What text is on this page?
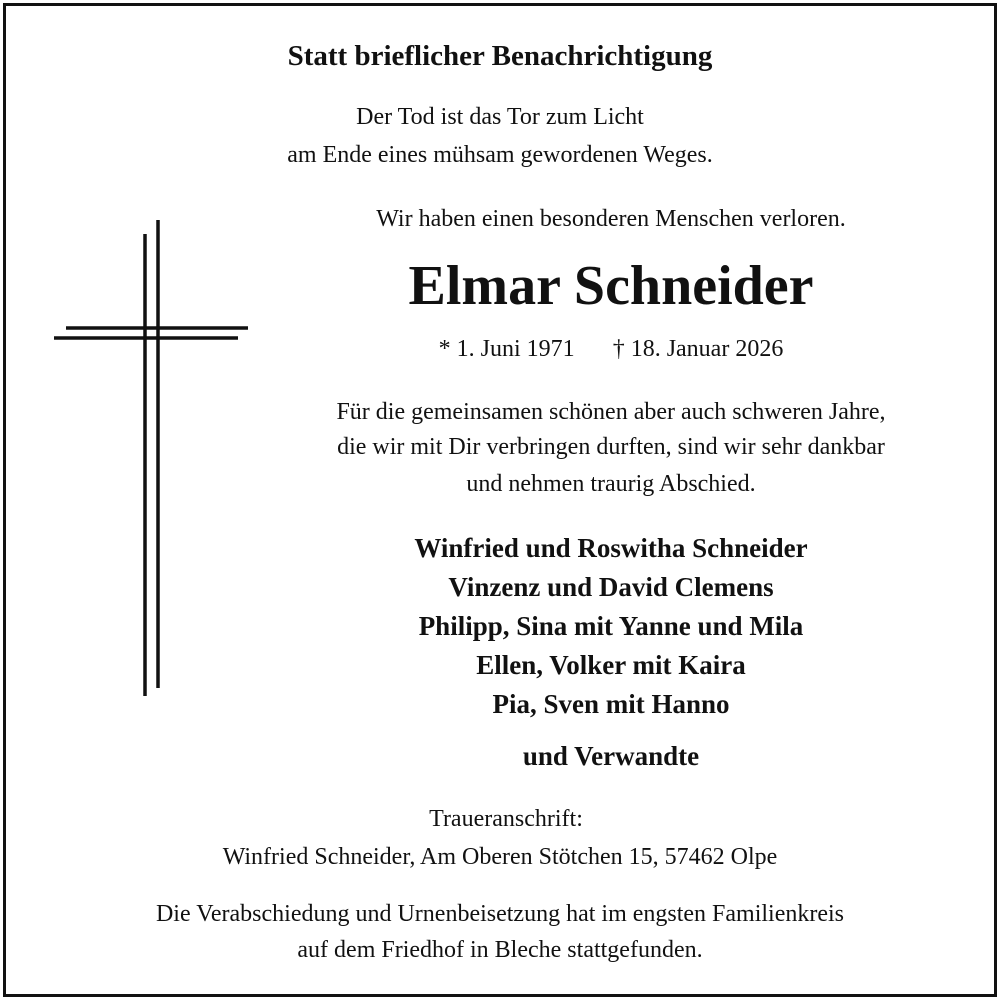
Statt brieflicher Benachrichtigung
Der Tod ist das Tor zum Licht
am Ende eines mühsam gewordenen Weges.
Wir haben einen besonderen Menschen verloren.
Elmar Schneider
* 1. Juni 1971 † 18. Januar 2026
Für die gemeinsamen schönen aber auch schweren Jahre,
die wir mit Dir verbringen durften, sind wir sehr dankbar
und nehmen traurig Abschied.
Winfried und Roswitha Schneider
Vinzenz und David Clemens
Philipp, Sina mit Yanne und Mila
Ellen, Volker mit Kaira
Pia, Sven mit Hanno
und Verwandte
Traueranschrift:
Winfried Schneider, Am Oberen Stötchen 15, 57462 Olpe
Die Verabschiedung und Urnenbeisetzung hat im engsten Familienkreis
auf dem Friedhof in Bleche stattgefunden.
